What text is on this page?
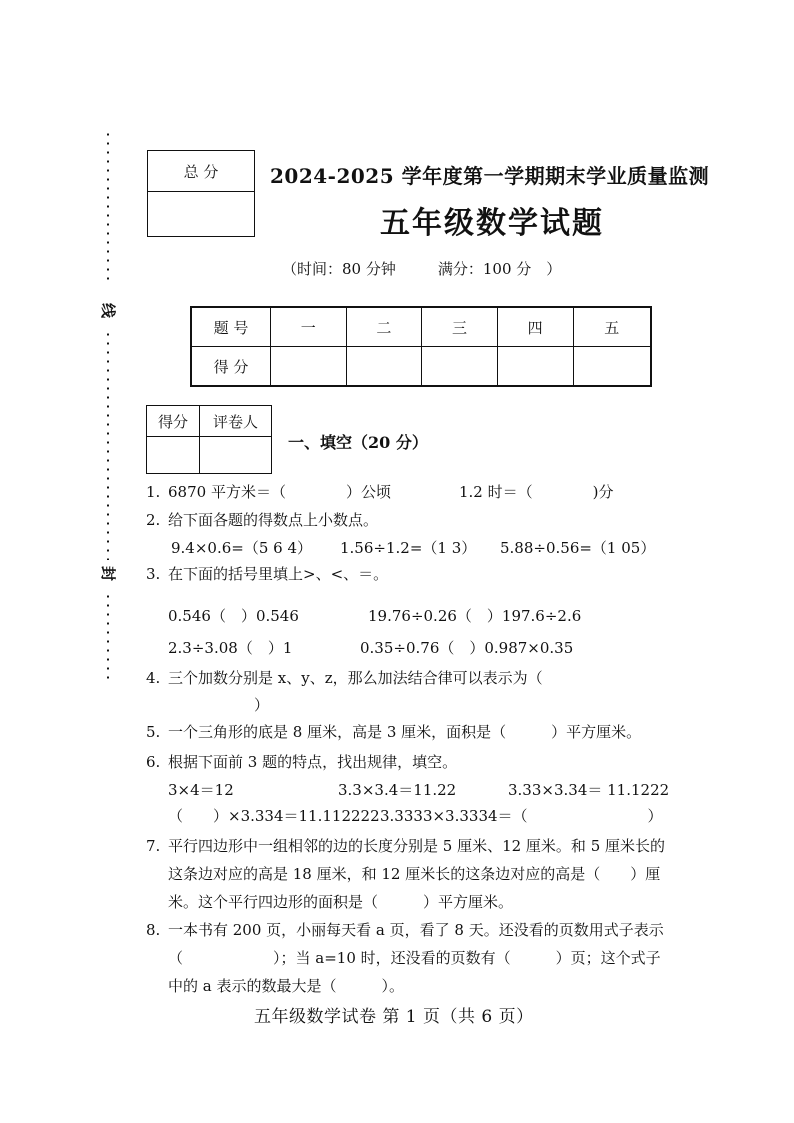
线
封
总 分	2024-2025 学年度第一学期期末学业质量监测
五年级数学试题
（时间：80 分钟	满分：100 分　）
题 号	一	二	三	四	五
得 分					
得分	评卷人

一、填空（20 分）
1. 6870 平方米＝（　　　　）公顷	1.2 时＝（　　　　)分
2. 给下面各题的得数点上小数点。
9.4×0.6=（5 6 4） 1.56÷1.2=（1 3） 5.88÷0.56=（1 05）
3. 在下面的括号里填上>、<、＝。
0.546（　）0.546	19.76÷0.26（　）197.6÷2.6
2.3÷3.08（　）1	0.35÷0.76（　）0.987×0.35
4. 三个加数分别是 x、y、z，那么加法结合律可以表示为（
）
5. 一个三角形的底是 8 厘米，高是 3 厘米，面积是（　　　）平方厘米。
6. 根据下面前 3 题的特点，找出规律，填空。
3×4＝12	3.3×3.4＝11.22	3.33×3.34＝ 11.1222
（　　）×3.334＝11.112222 3.3333×3.3334＝（　　　　　　　　）
7. 平行四边形中一组相邻的边的长度分别是 5 厘米、12 厘米。和 5 厘米长的
这条边对应的高是 18 厘米，和 12 厘米长的这条边对应的高是（　　）厘
米。这个平行四边形的面积是（　　　）平方厘米。
8. 一本书有 200 页，小丽每天看 a 页，看了 8 天。还没看的页数用式子表示
（　　　　　　）；当 a=10 时，还没看的页数有（　　　）页；这个式子
中的 a 表示的数最大是（　　　）。
五年级数学试卷 第 1 页（共 6 页）
